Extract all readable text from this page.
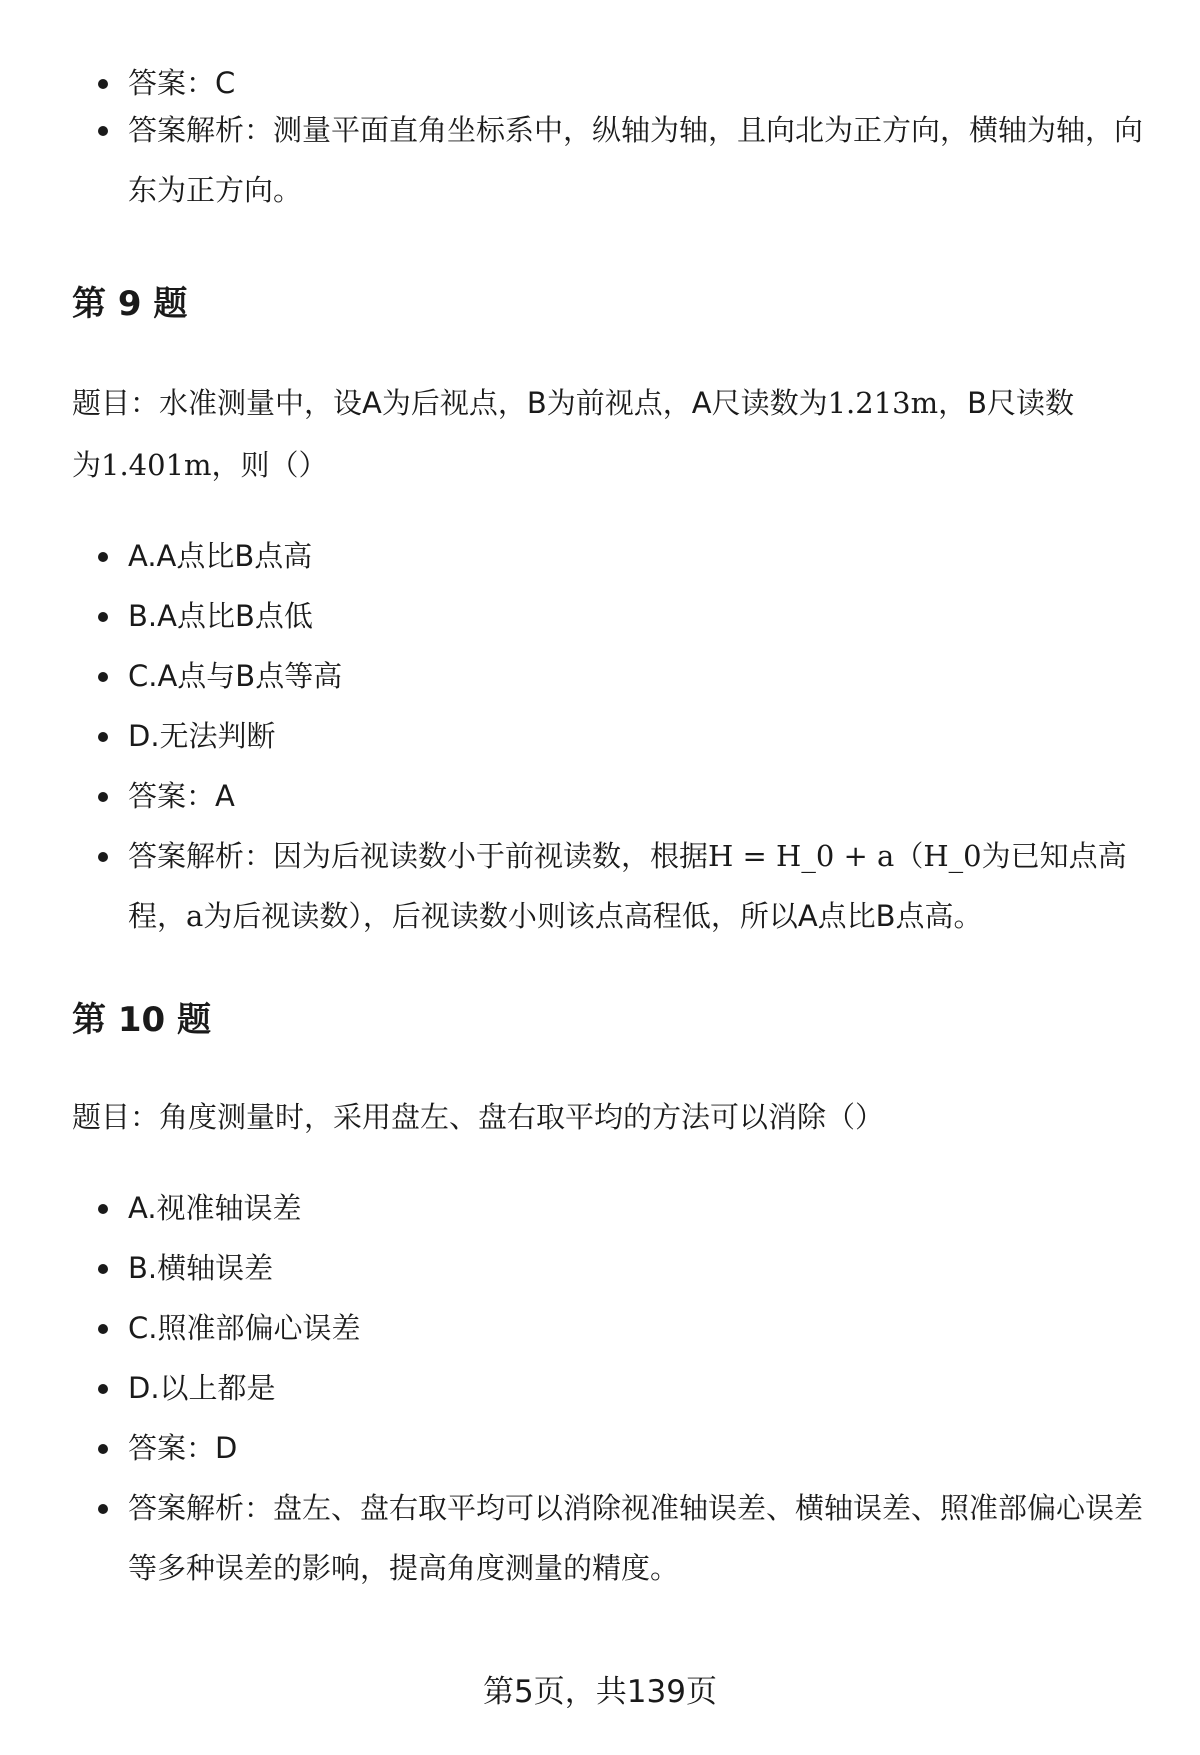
答案：C
答案解析：测量平面直角坐标系中，纵轴为轴，且向北为正方向，横轴为轴，向东为正方向。
第 9 题

题目：水准测量中，设A为后视点，B为前视点，A尺读数为1.213m，B尺读数为1.401m，则（）

A.A点比B点高
B.A点比B点低
C.A点与B点等高
D.无法判断
答案：A
答案解析：因为后视读数小于前视读数，根据H = H_0 + a（H_0为已知点高程，a为后视读数），后视读数小则该点高程低，所以A点比B点高。
第 10 题

题目：角度测量时，采用盘左、盘右取平均的方法可以消除（）

A.视准轴误差
B.横轴误差
C.照准部偏心误差
D.以上都是
答案：D
答案解析：盘左、盘右取平均可以消除视准轴误差、横轴误差、照准部偏心误差等多种误差的影响，提高角度测量的精度。
第5页，共139页
